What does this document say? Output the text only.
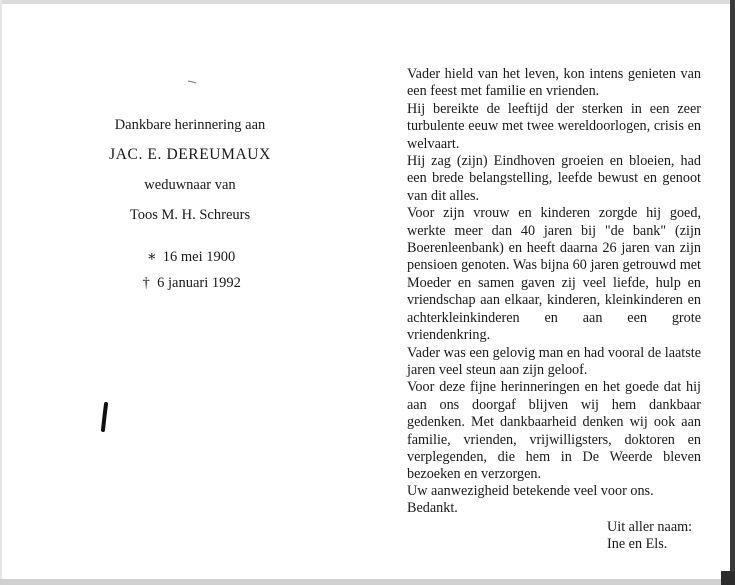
Dankbare herinnering aan
JAC. E. DEREUMAUX
weduwnaar van
Toos M. H. Schreurs
∗ 16 mei 1900
† 6 januari 1992

Vader hield van het leven, kon intens genieten van een feest met familie en vrienden.

Hij bereikte de leeftijd der sterken in een zeer turbulente eeuw met twee wereldoorlogen, crisis en welvaart.

Hij zag (zijn) Eindhoven groeien en bloeien, had een brede belangstelling, leefde bewust en genoot van dit alles.

Voor zijn vrouw en kinderen zorgde hij goed, werkte meer dan 40 jaren bij "de bank" (zijn Boerenleenbank) en heeft daarna 26 jaren van zijn pensioen genoten. Was bijna 60 jaren getrouwd met Moeder en samen gaven zij veel liefde, hulp en vriendschap aan elkaar, kinderen, kleinkinderen en achterkleinkinderen en aan een grote vriendenkring.

Vader was een gelovig man en had vooral de laatste jaren veel steun aan zijn geloof.

Voor deze fijne herinneringen en het goede dat hij aan ons doorgaf blijven wij hem dankbaar gedenken. Met dankbaarheid denken wij ook aan familie, vrienden, vrijwilligsters, doktoren en verplegenden, die hem in De Weerde bleven bezoeken en verzorgen.

Uw aanwezigheid betekende veel voor ons.

Bedankt.

Uit aller naam:

Ine en Els.
